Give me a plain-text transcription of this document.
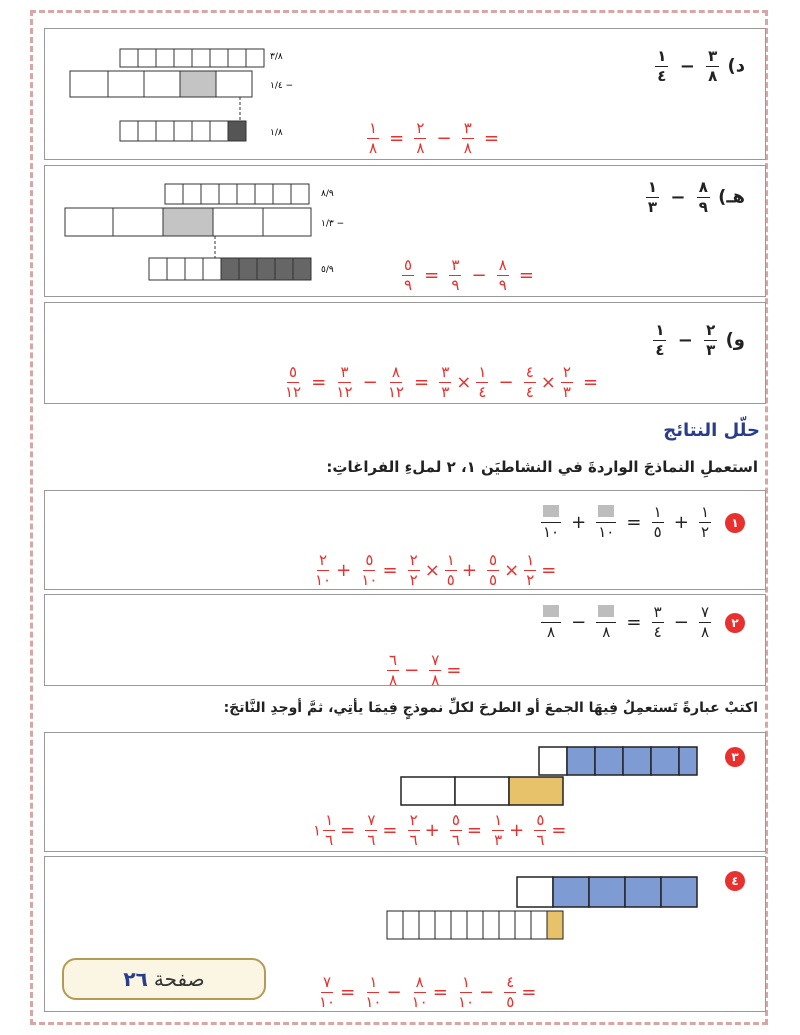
د)
$\frac{١}{٤} - \frac{٣}{٨}$
٣/٨
١/٤ −
١/٨	$\frac{١}{٨} = \frac{٢}{٨} - \frac{٣}{٨}$ =
هـ)
$\frac{١}{٣} - \frac{٨}{٩}$
٨/٩
١/٣ −
٥/٩	$\frac{٥}{٩} = \frac{٣}{٩} - \frac{٨}{٩}$ =
و)
$\frac{١}{٤} - \frac{٢}{٣}$
$\frac{٥}{١٢} = \frac{٣}{١٢} - \frac{٨}{١٢} = \frac{٣}{٣} \times \frac{١}{٤} - \frac{٤}{٤} \times \frac{٢}{٣}$ =
حلّل النتائج
استعملِ النماذجَ الواردةَ في النشاطيَن ١، ٢ لملءِ الفراغاتِ:
١
١٠ + ١٠ = $\frac{١}{٥} + \frac{١}{٢}$
$\frac{٢}{١٠} + \frac{٥}{١٠} = \frac{٢}{٢} \times \frac{١}{٥} + \frac{٥}{٥} \times \frac{١}{٢}$ =
٢
٨ − ٨ = $\frac{٣}{٤} - \frac{٧}{٨}$
$\frac{٦}{٨} - \frac{٧}{٨}$ =
اكتبْ عبارةً تَستعمِلُ فِيهَا الجمعَ أو الطرحَ لكلِّ نموذجٍ فِيمَا يأتِي، ثمَّ أوجدِ النَّاتجَ:
٣
١ $\frac{١}{٦} = \frac{٧}{٦} = \frac{٢}{٦} + \frac{٥}{٦} = \frac{١}{٣} + \frac{٥}{٦}$ =
٤
$\frac{٧}{١٠} = \frac{١}{١٠} - \frac{٨}{١٠} = \frac{١}{١٠} - \frac{٤}{٥}$ =
صفحة
٢٦
